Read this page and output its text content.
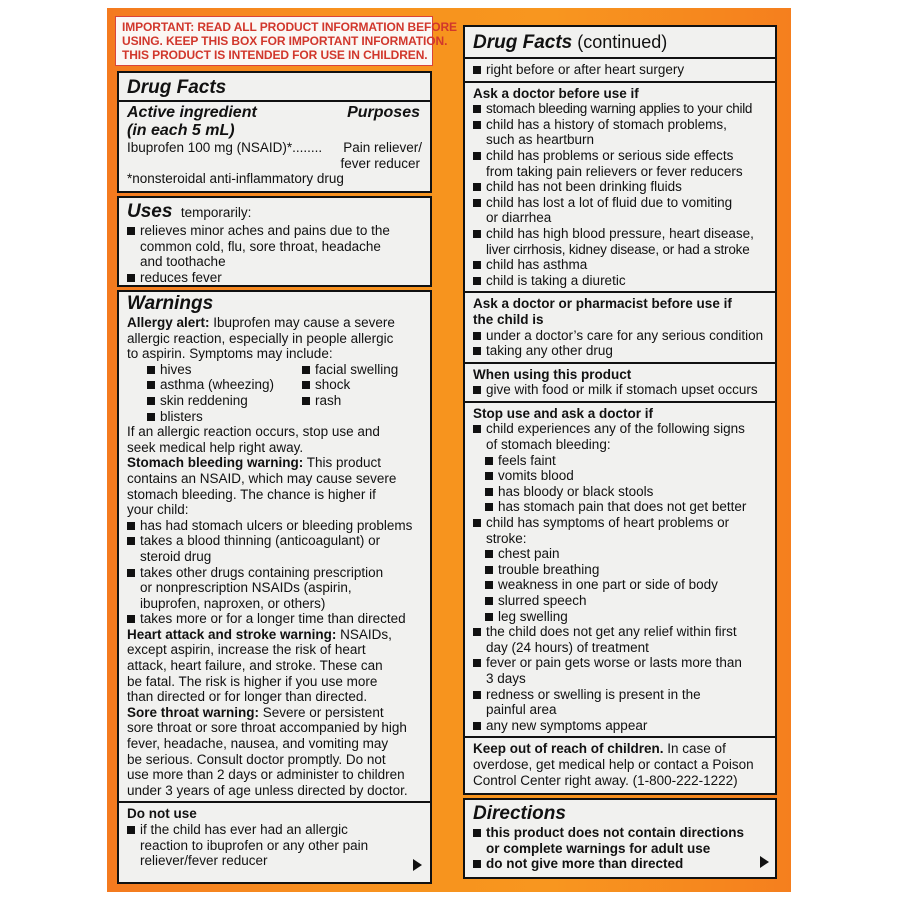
IMPORTANT: READ ALL PRODUCT INFORMATION BEFORE
USING. KEEP THIS BOX FOR IMPORTANT INFORMATION.
THIS PRODUCT IS INTENDED FOR USE IN CHILDREN.
Drug Facts
Active ingredient
(in each 5 mL)
Purposes
Ibuprofen 100 mg (NSAID)*........ Pain reliever/
fever reducer
*nonsteroidal anti-inflammatory drug
Uses temporarily:
relieves minor aches and pains due to the
common cold, flu, sore throat, headache
and toothache
reduces fever
Warnings
Allergy alert: Ibuprofen may cause a severe
allergic reaction, especially in people allergic
to aspirin. Symptoms may include:
hives	facial swelling
asthma (wheezing)	shock
skin reddening	rash
blisters
If an allergic reaction occurs, stop use and
seek medical help right away.
Stomach bleeding warning: This product
contains an NSAID, which may cause severe
stomach bleeding. The chance is higher if
your child:
has had stomach ulcers or bleeding problems
takes a blood thinning (anticoagulant) or
steroid drug
takes other drugs containing prescription
or nonprescription NSAIDs (aspirin,
ibuprofen, naproxen, or others)
takes more or for a longer time than directed
Heart attack and stroke warning: NSAIDs,
except aspirin, increase the risk of heart
attack, heart failure, and stroke. These can
be fatal. The risk is higher if you use more
than directed or for longer than directed.
Sore throat warning: Severe or persistent
sore throat or sore throat accompanied by high
fever, headache, nausea, and vomiting may
be serious. Consult doctor promptly. Do not
use more than 2 days or administer to children
under 3 years of age unless directed by doctor.
Do not use
if the child has ever had an allergic
reaction to ibuprofen or any other pain
reliever/fever reducer
Drug Facts (continued)
right before or after heart surgery
Ask a doctor before use if
stomach bleeding warning applies to your child
child has a history of stomach problems,
such as heartburn
child has problems or serious side effects
from taking pain relievers or fever reducers
child has not been drinking fluids
child has lost a lot of fluid due to vomiting
or diarrhea
child has high blood pressure, heart disease,
liver cirrhosis, kidney disease, or had a stroke
child has asthma
child is taking a diuretic
Ask a doctor or pharmacist before use if
the child is
under a doctor’s care for any serious condition
taking any other drug
When using this product
give with food or milk if stomach upset occurs
Stop use and ask a doctor if
child experiences any of the following signs
of stomach bleeding:
feels faint
vomits blood
has bloody or black stools
has stomach pain that does not get better
child has symptoms of heart problems or
stroke:
chest pain
trouble breathing
weakness in one part or side of body
slurred speech
leg swelling
the child does not get any relief within first
day (24 hours) of treatment
fever or pain gets worse or lasts more than
3 days
redness or swelling is present in the
painful area
any new symptoms appear
Keep out of reach of children. In case of
overdose, get medical help or contact a Poison
Control Center right away. (1-800-222-1222)
Directions
this product does not contain directions
or complete warnings for adult use
do not give more than directed
